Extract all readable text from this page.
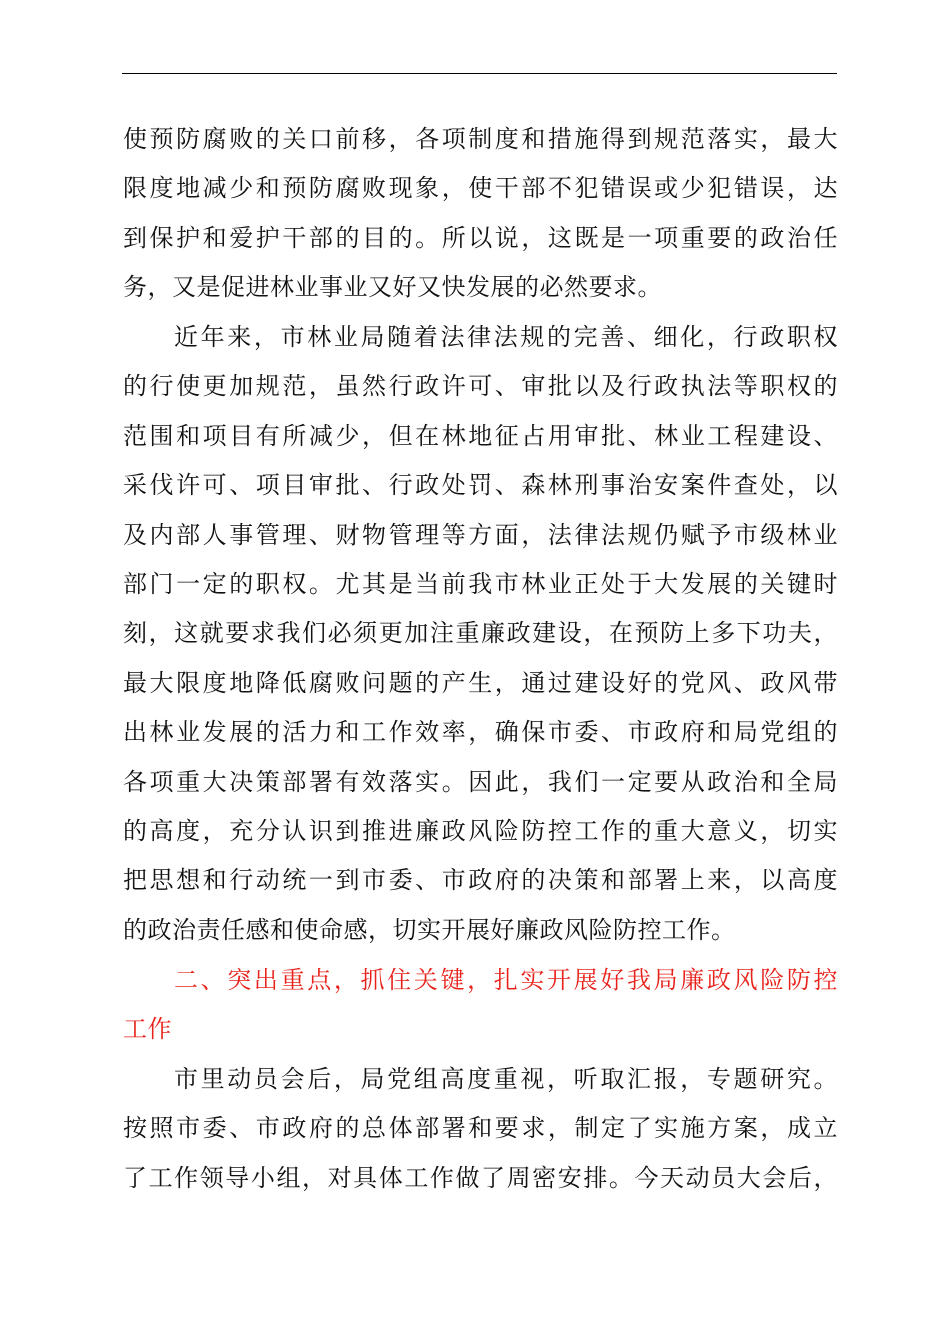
使预防腐败的关口前移，各项制度和措施得到规范落实，最大
限度地减少和预防腐败现象，使干部不犯错误或少犯错误，达
到保护和爱护干部的目的。所以说，这既是一项重要的政治任
务，又是促进林业事业又好又快发展的必然要求。
近年来，市林业局随着法律法规的完善、细化，行政职权
的行使更加规范，虽然行政许可、审批以及行政执法等职权的
范围和项目有所减少，但在林地征占用审批、林业工程建设、
采伐许可、项目审批、行政处罚、森林刑事治安案件查处，以
及内部人事管理、财物管理等方面，法律法规仍赋予市级林业
部门一定的职权。尤其是当前我市林业正处于大发展的关键时
刻，这就要求我们必须更加注重廉政建设，在预防上多下功夫，
最大限度地降低腐败问题的产生，通过建设好的党风、政风带
出林业发展的活力和工作效率，确保市委、市政府和局党组的
各项重大决策部署有效落实。因此，我们一定要从政治和全局
的高度，充分认识到推进廉政风险防控工作的重大意义，切实
把思想和行动统一到市委、市政府的决策和部署上来，以高度
的政治责任感和使命感，切实开展好廉政风险防控工作。
二、突出重点，抓住关键，扎实开展好我局廉政风险防控
工作
市里动员会后，局党组高度重视，听取汇报，专题研究。
按照市委、市政府的总体部署和要求，制定了实施方案，成立
了工作领导小组，对具体工作做了周密安排。今天动员大会后，
